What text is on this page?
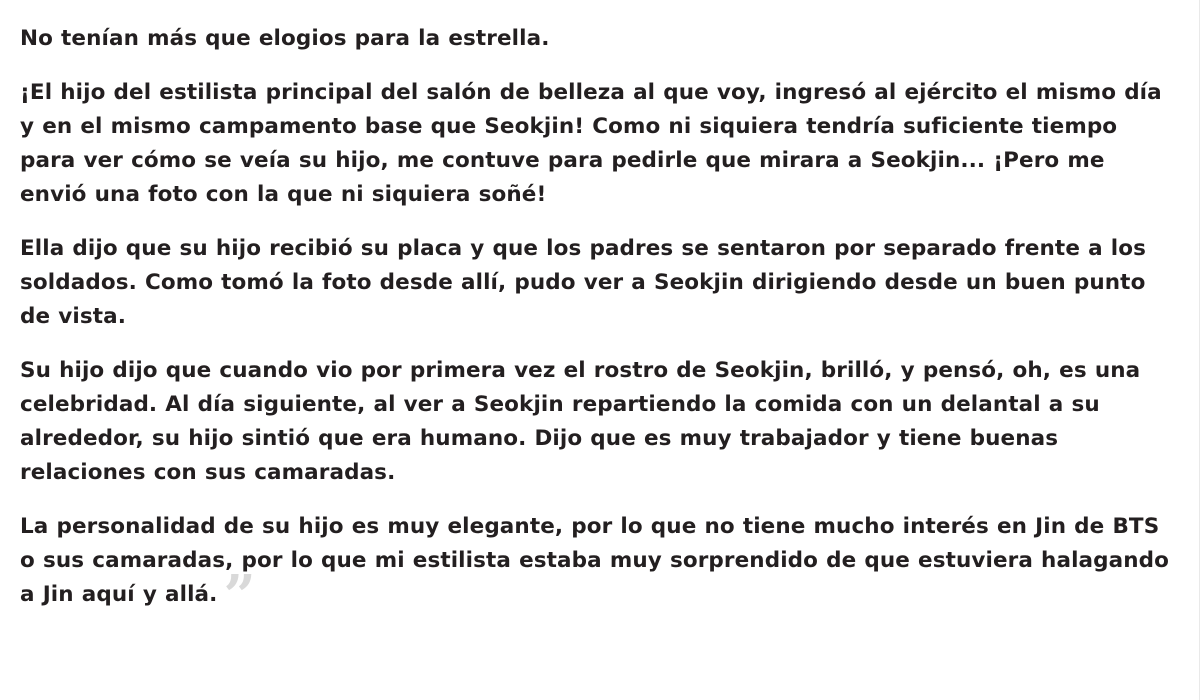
No tenían más que elogios para la estrella.

¡El hijo del estilista principal del salón de belleza al que voy, ingresó al ejército el mismo día y en el mismo campamento base que Seokjin! Como ni siquiera tendría suficiente tiempo para ver cómo se veía su hijo, me contuve para pedirle que mirara a Seokjin... ¡Pero me envió una foto con la que ni siquiera soñé!

Ella dijo que su hijo recibió su placa y que los padres se sentaron por separado frente a los soldados. Como tomó la foto desde allí, pudo ver a Seokjin dirigiendo desde un buen punto de vista.

Su hijo dijo que cuando vio por primera vez el rostro de Seokjin, brilló, y pensó, oh, es una celebridad. Al día siguiente, al ver a Seokjin repartiendo la comida con un delantal a su alrededor, su hijo sintió que era humano. Dijo que es muy trabajador y tiene buenas relaciones con sus camaradas.

La personalidad de su hijo es muy elegante, por lo que no tiene mucho interés en Jin de BTS o sus camaradas, por lo que mi estilista estaba muy sorprendido de que estuviera halagando a Jin aquí y allá. ”
